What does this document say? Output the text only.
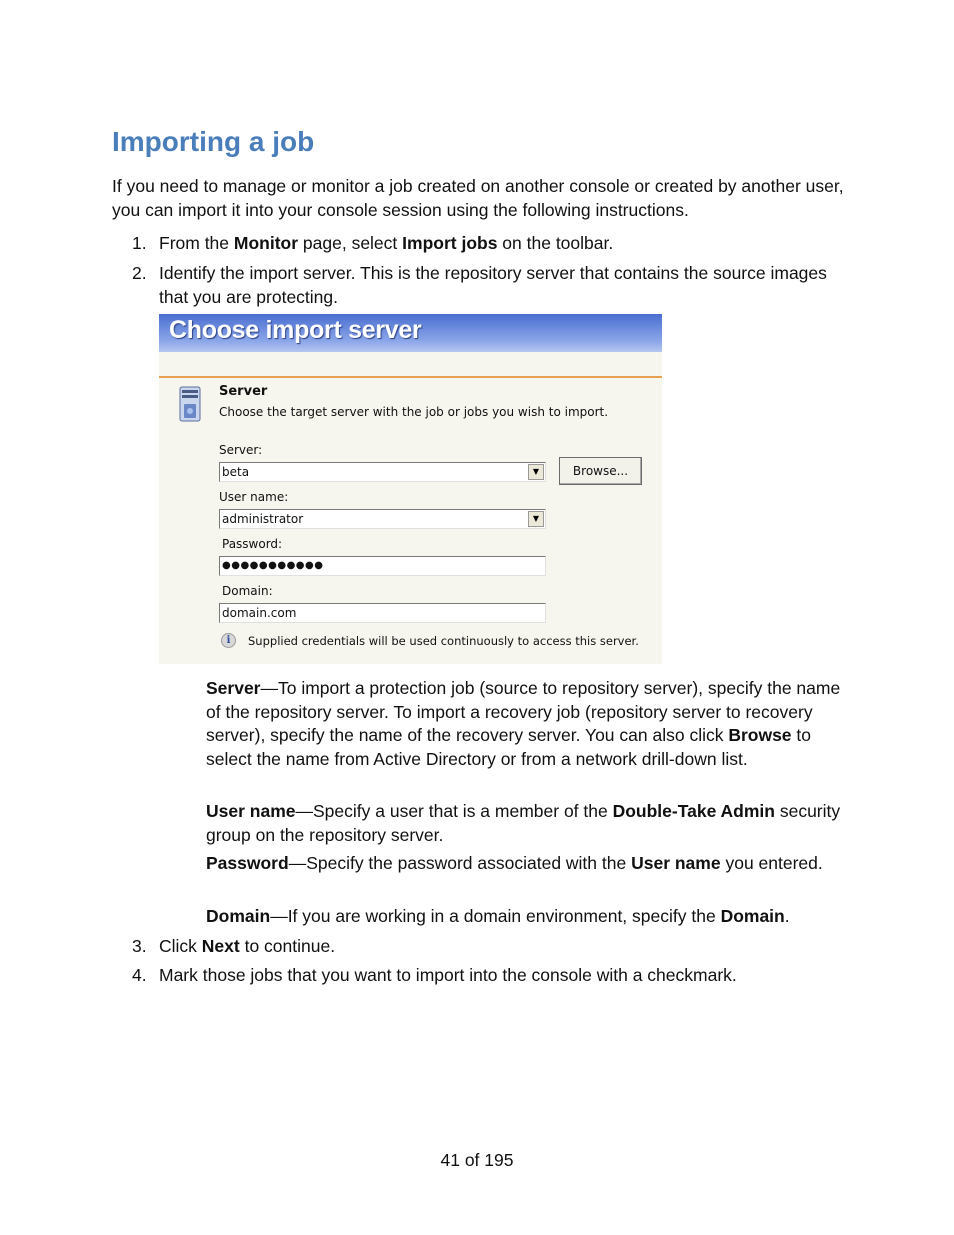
Importing a job
If you need to manage or monitor a job created on another console or created by another user, you can import it into your console session using the following instructions.
1. From the Monitor page, select Import jobs on the toolbar.
2. Identify the import server. This is the repository server that contains the source images that you are protecting.
Choose import server
Server
Choose the target server with the job or jobs you wish to import.
Server:
beta	▼	Browse...
User name:
administrator	▼
Password:
●●●●●●●●●●●
Domain:
domain.com
i	Supplied credentials will be used continuously to access this server.
Server—To import a protection job (source to repository server), specify the name of the repository server. To import a recovery job (repository server to recovery server), specify the name of the recovery server. You can also click Browse to select the name from Active Directory or from a network drill-down list.
User name—Specify a user that is a member of the Double-Take Admin security group on the repository server.
Password—Specify the password associated with the User name you entered.
Domain—If you are working in a domain environment, specify the Domain.
3. Click Next to continue.
4. Mark those jobs that you want to import into the console with a checkmark.
41 of 195
